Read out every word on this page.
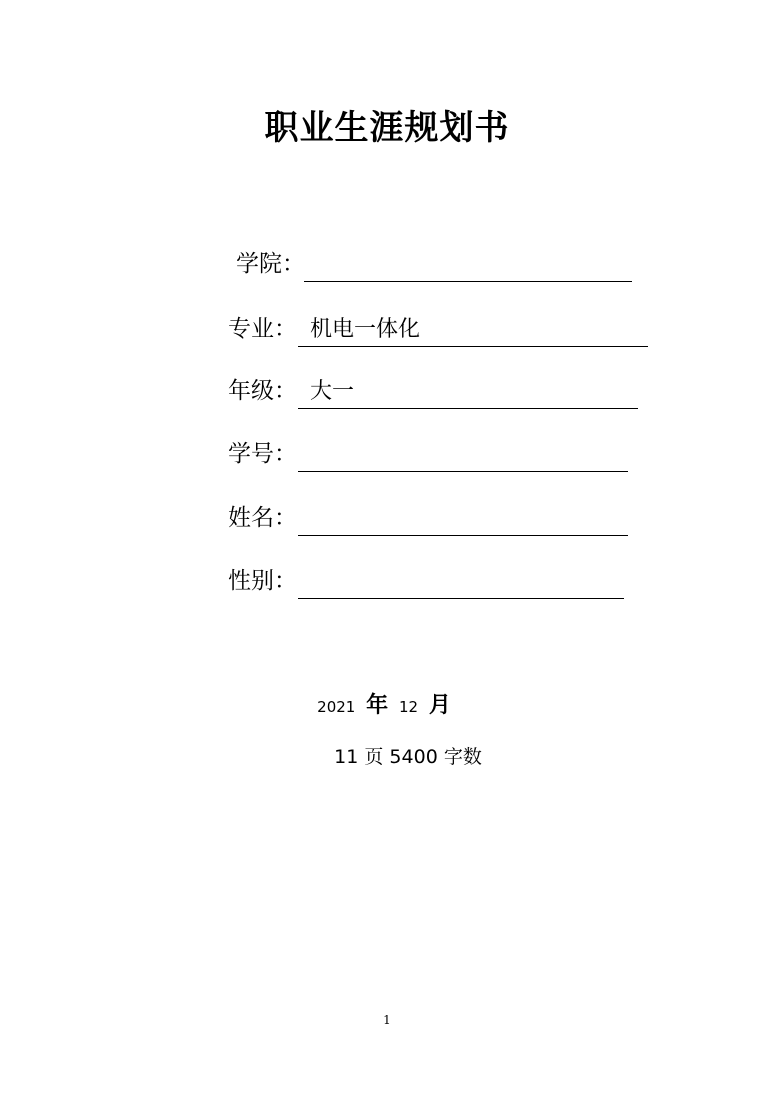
职业生涯规划书
学院：
专业： 机电一体化
年级： 大一
学号：
姓名：
性别：
2021 年 12 月
11 页 5400 字数
1
